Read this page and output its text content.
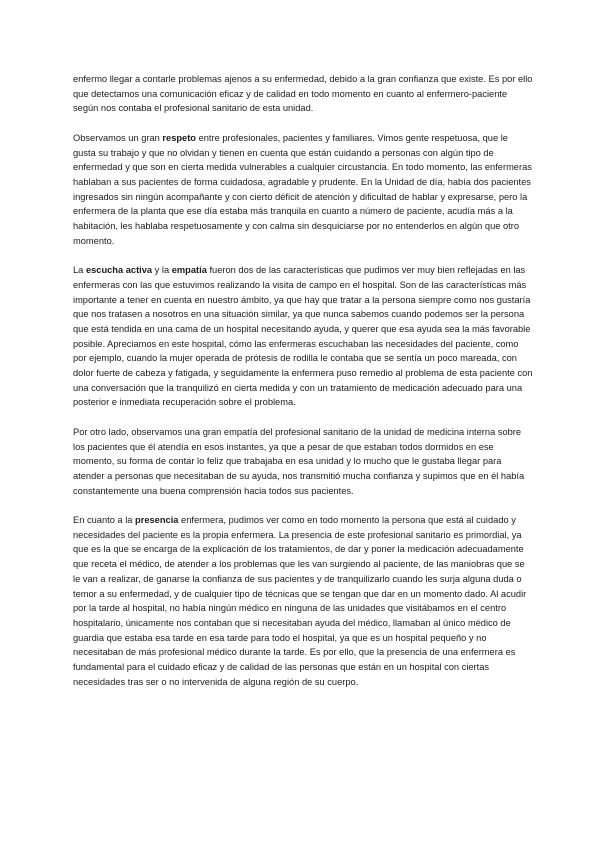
enfermo llegar a contarle problemas ajenos a su enfermedad, debido a la gran confianza que existe. Es por ello que detectamos una comunicación eficaz y de calidad en todo momento en cuanto al enfermero-paciente según nos contaba el profesional sanitario de esta unidad.

Observamos un gran respeto entre profesionales, pacientes y familiares. Vimos gente respetuosa, que le gusta su trabajo y que no olvidan y tienen en cuenta que están cuidando a personas con algún tipo de enfermedad y que son en cierta medida vulnerables a cualquier circustancia. En todo momento, las enfermeras hablaban a sus pacientes de forma cuidadosa, agradable y prudente. En la Unidad de día, había dos pacientes ingresados sin ningún acompañante y con cierto déficit de atención y dificultad de hablar y expresarse, pero la enfermera de la planta que ese día estaba más tranquila en cuanto a número de paciente, acudía más a la habitación, les hablaba respetuosamente y con calma sin desquiciarse por no entenderlos en algún que otro momento.

La escucha activa y la empatía fueron dos de las características que pudimos ver muy bien reflejadas en las enfermeras con las que estuvimos realizando la visita de campo en el hospital. Son de las características más importante a tener en cuenta en nuestro ámbito, ya que hay que tratar a la persona siempre como nos gustaría que nos tratasen a nosotros en una situación similar, ya que nunca sabemos cuando podemos ser la persona que está tendida en una cama de un hospital necesitando ayuda, y querer que esa ayuda sea la más favorable posible. Apreciamos en este hospital, cómo las enfermeras escuchaban las necesidades del paciente, como por ejemplo, cuando la mujer operada de prótesis de rodilla le contaba que se sentía un poco mareada, con dolor fuerte de cabeza y fatigada, y seguidamente la enfermera puso remedio al problema de esta paciente con una conversación que la tranquilizó en cierta medida y con un tratamiento de medicación adecuado para una posterior e inmediata recuperación sobre el problema.

Por otro lado, observamos una gran empatía del profesional sanitario de la unidad de medicina interna sobre los pacientes que él atendía en esos instantes, ya que a pesar de que estaban todos dormidos en ese momento, su forma de contar lo feliz que trabajaba en esa unidad y lo mucho que le gustaba llegar para atender a personas que necesitaban de su ayuda, nos transmitió mucha confianza y supimos que en él había constantemente una buena comprensión hacia todos sus pacientes.

En cuanto a la presencia enfermera, pudimos ver como en todo momento la persona que está al cuidado y necesidades del paciente es la propia enfermera. La presencia de este profesional sanitario es primordial, ya que es la que se encarga de la explicación de los tratamientos, de dar y poner la medicación adecuadamente que receta el médico, de atender a los problemas que les van surgiendo al paciente, de las maniobras que se le van a realizar, de ganarse la confianza de sus pacientes y de tranquilizarlo cuando les surja alguna duda o temor a su enfermedad, y de cualquier tipo de técnicas que se tengan que dar en un momento dado. Al acudir por la tarde al hospital, no había ningún médico en ninguna de las unidades que visitábamos en el centro hospitalario, únicamente nos contaban que si necesitaban ayuda del médico, llamaban al único médico de guardia que estaba esa tarde en esa tarde para todo el hospital, ya que es un hospital pequeño y no necesitaban de más profesional médico durante la tarde. Es por ello, que la presencia de una enfermera es fundamental para el cuidado eficaz y de calidad de las personas que están en un hospital con ciertas necesidades tras ser o no intervenida de alguna región de su cuerpo.
